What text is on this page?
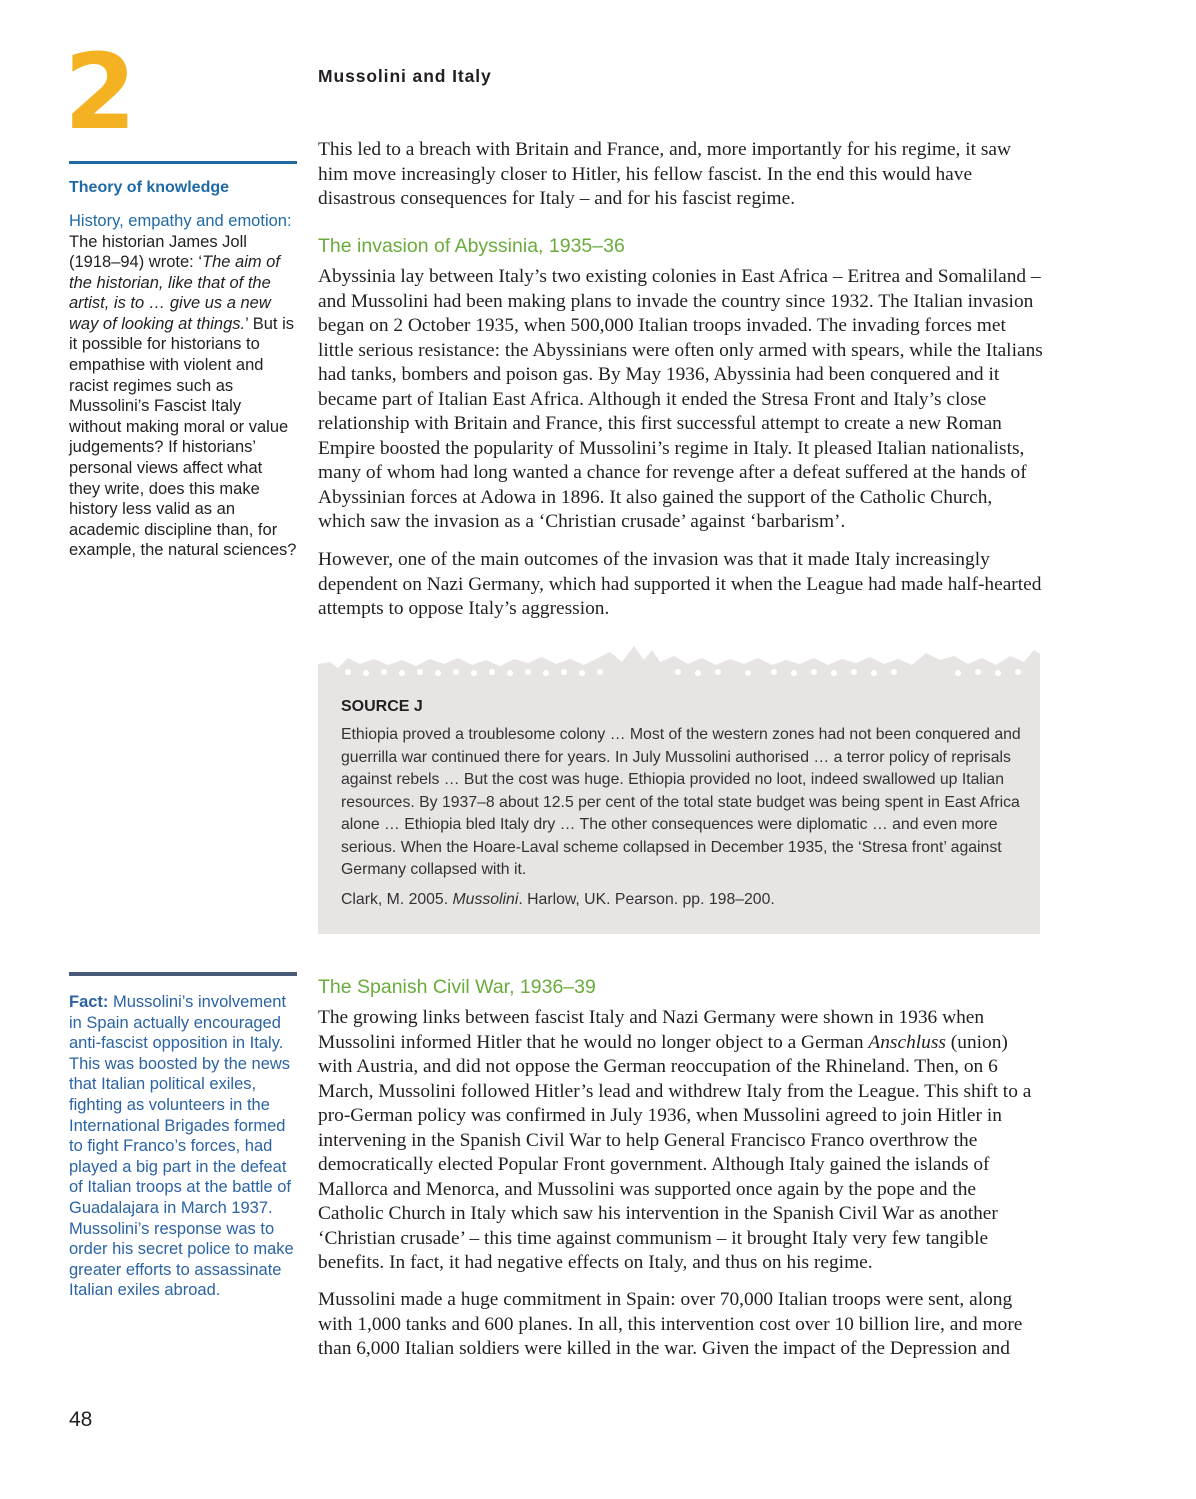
2	Mussolini and Italy
Theory of knowledge
History, empathy and emotion:
The historian James Joll (1918–94) wrote: ‘The aim of the historian, like that of the artist, is to … give us a new way of looking at things.’ But is it possible for historians to empathise with violent and racist regimes such as Mussolini’s Fascist Italy without making moral or value judgements? If historians’ personal views affect what they write, does this make history less valid as an academic discipline than, for example, the natural sciences?

This led to a breach with Britain and France, and, more importantly for his regime, it saw him move increasingly closer to Hitler, his fellow fascist. In the end this would have disastrous consequences for Italy – and for his fascist regime.

The invasion of Abyssinia, 1935–36

Abyssinia lay between Italy’s two existing colonies in East Africa – Eritrea and Somaliland – and Mussolini had been making plans to invade the country since 1932. The Italian invasion began on 2 October 1935, when 500,000 Italian troops invaded. The invading forces met little serious resistance: the Abyssinians were often only armed with spears, while the Italians had tanks, bombers and poison gas. By May 1936, Abyssinia had been conquered and it became part of Italian East Africa. Although it ended the Stresa Front and Italy’s close relationship with Britain and France, this first successful attempt to create a new Roman Empire boosted the popularity of Mussolini’s regime in Italy. It pleased Italian nationalists, many of whom had long wanted a chance for revenge after a defeat suffered at the hands of Abyssinian forces at Adowa in 1896. It also gained the support of the Catholic Church, which saw the invasion as a ‘Christian crusade’ against ‘barbarism’.

However, one of the main outcomes of the invasion was that it made Italy increasingly dependent on Nazi Germany, which had supported it when the League had made half-hearted attempts to oppose Italy’s aggression.

SOURCE J
Ethiopia proved a troublesome colony … Most of the western zones had not been conquered and guerrilla war continued there for years. In July Mussolini authorised … a terror policy of reprisals against rebels … But the cost was huge. Ethiopia provided no loot, indeed swallowed up Italian resources. By 1937–8 about 12.5 per cent of the total state budget was being spent in East Africa alone … Ethiopia bled Italy dry … The other consequences were diplomatic … and even more serious. When the Hoare-Laval scheme collapsed in December 1935, the ‘Stresa front’ against Germany collapsed with it.
Clark, M. 2005. Mussolini. Harlow, UK. Pearson. pp. 198–200.
Fact: Mussolini’s involvement in Spain actually encouraged anti-fascist opposition in Italy. This was boosted by the news that Italian political exiles, fighting as volunteers in the International Brigades formed to fight Franco’s forces, had played a big part in the defeat of Italian troops at the battle of Guadalajara in March 1937. Mussolini’s response was to order his secret police to make greater efforts to assassinate Italian exiles abroad.
The Spanish Civil War, 1936–39

The growing links between fascist Italy and Nazi Germany were shown in 1936 when Mussolini informed Hitler that he would no longer object to a German Anschluss (union) with Austria, and did not oppose the German reoccupation of the Rhineland. Then, on 6 March, Mussolini followed Hitler’s lead and withdrew Italy from the League. This shift to a pro-German policy was confirmed in July 1936, when Mussolini agreed to join Hitler in intervening in the Spanish Civil War to help General Francisco Franco overthrow the democratically elected Popular Front government. Although Italy gained the islands of Mallorca and Menorca, and Mussolini was supported once again by the pope and the Catholic Church in Italy which saw his intervention in the Spanish Civil War as another ‘Christian crusade’ – this time against communism – it brought Italy very few tangible benefits. In fact, it had negative effects on Italy, and thus on his regime.

Mussolini made a huge commitment in Spain: over 70,000 Italian troops were sent, along with 1,000 tanks and 600 planes. In all, this intervention cost over 10 billion lire, and more than 6,000 Italian soldiers were killed in the war. Given the impact of the Depression and

48
